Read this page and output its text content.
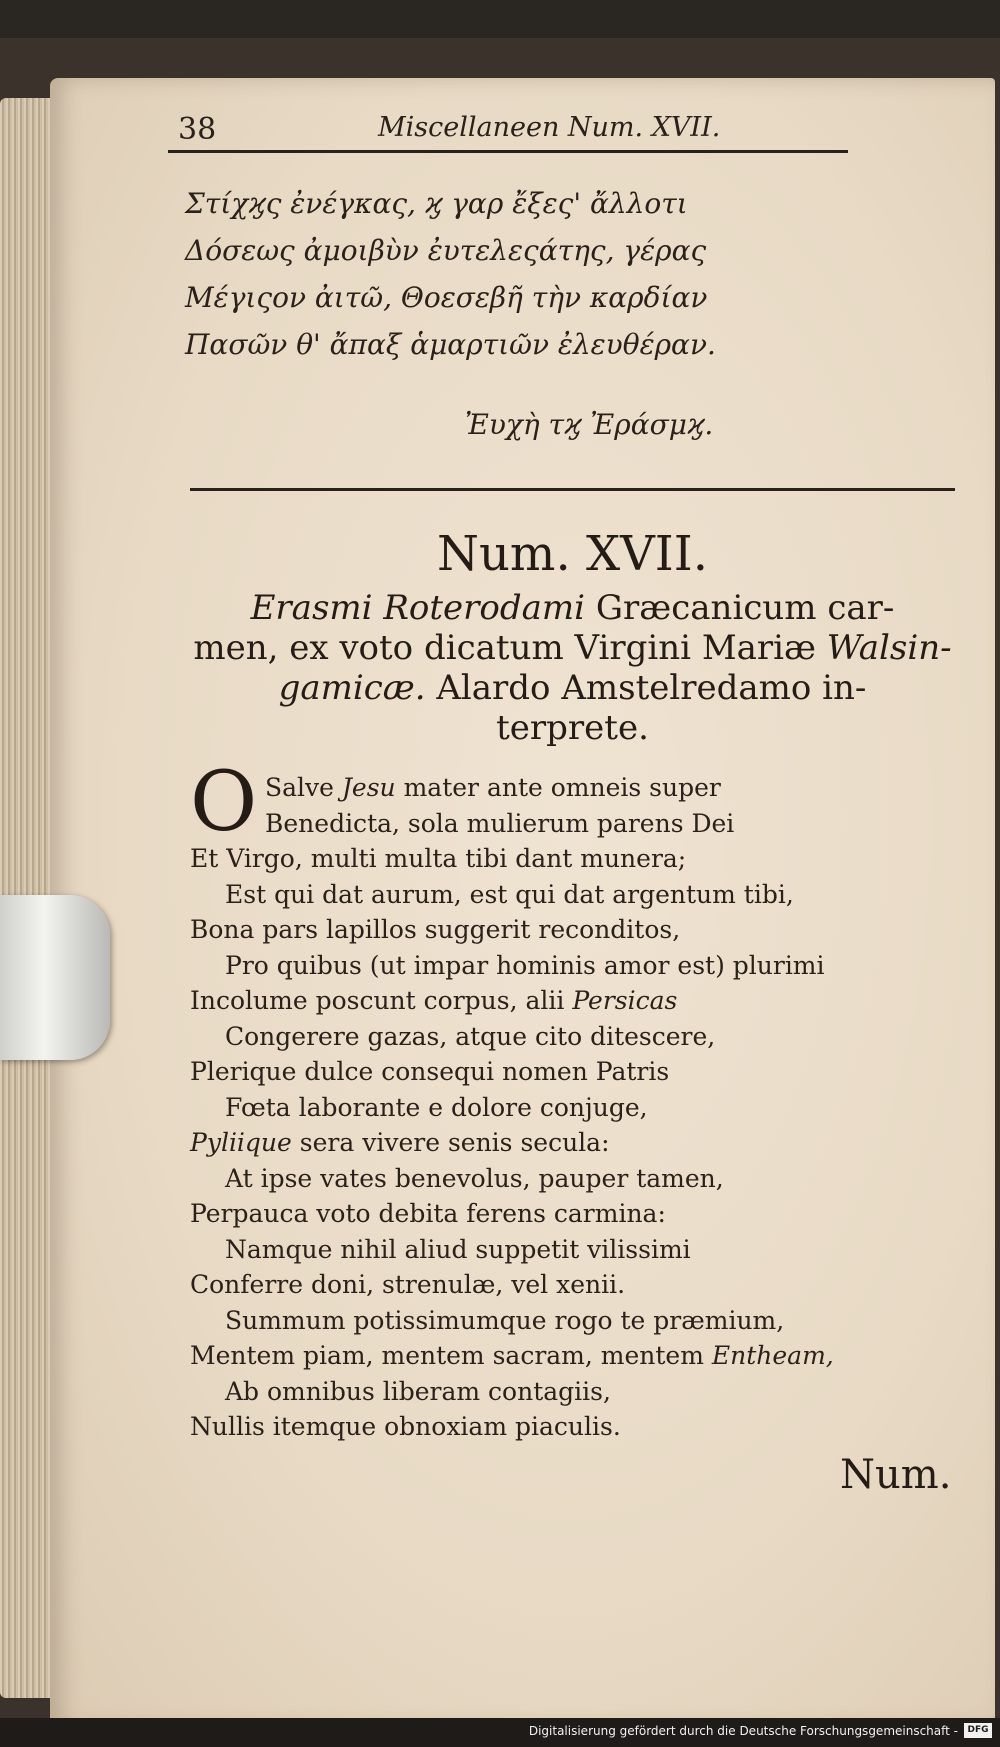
38	Miscellaneen Num. XVII.
Στίχϗς ἐνέγκας, ϗ γαρ ἔξες' ἄλλοτι
Δόσεως ἀμοιβὺν ἐυτελεςάτης, γέρας
Μέγιςον ἀιτῶ, Θοεσεβῆ τὴν καρδίαν
Πασῶν θ' ἄπαξ ἁμαρτιῶν ἐλευθέραν.
Ἐυχὴ τϗ Ἐράσμϗ.
Num. XVII.
Erasmi Roterodami Græcanicum car-
men, ex voto dicatum Virgini Mariæ Walsin-
gamicæ. Alardo Amstelredamo in-
terprete.
O Salve Jesu mater ante omneis super
Benedicta, sola mulierum parens Dei
Et Virgo, multi multa tibi dant munera;
Est qui dat aurum, est qui dat argentum tibi,
Bona pars lapillos suggerit reconditos,
Pro quibus (ut impar hominis amor est) plurimi
Incolume poscunt corpus, alii Persicas
Congerere gazas, atque cito ditescere,
Plerique dulce consequi nomen Patris
Fœta laborante e dolore conjuge,
Pyliique sera vivere senis secula:
At ipse vates benevolus, pauper tamen,
Perpauca voto debita ferens carmina:
Namque nihil aliud suppetit vilissimi
Conferre doni, strenulæ, vel xenii.
Summum potissimumque rogo te præmium,
Mentem piam, mentem sacram, mentem Entheam,
Ab omnibus liberam contagiis,
Nullis itemque obnoxiam piaculis.
Num.
Digitalisierung gefördert durch die Deutsche Forschungsgemeinschaft -	DFG
